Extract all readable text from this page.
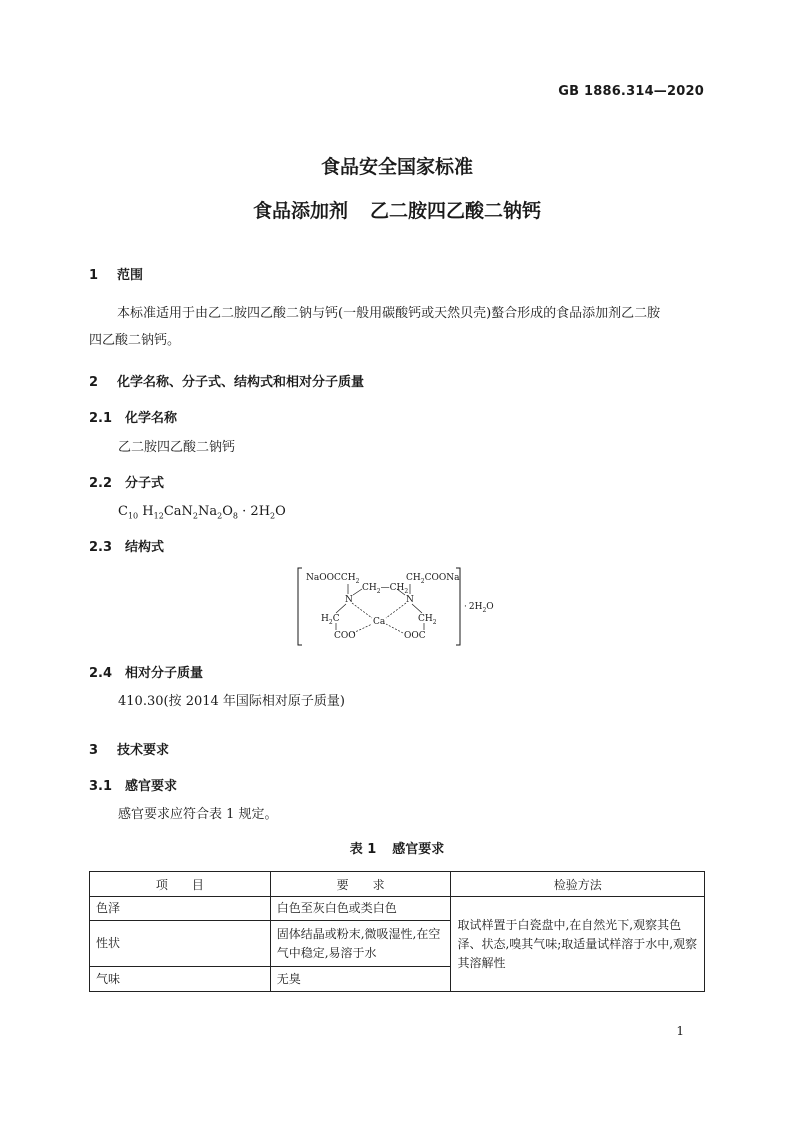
GB 1886.314—2020
食品安全国家标准
食品添加剂 乙二胺四乙酸二钠钙
1 范围
本标准适用于由乙二胺四乙酸二钠与钙(一般用碳酸钙或天然贝壳)螯合形成的食品添加剂乙二胺
四乙酸二钠钙。
2 化学名称、分子式、结构式和相对分子质量
2.1 化学名称
乙二胺四乙酸二钠钙
2.2 分子式
$C_{10}$ $H_{12}CaN_2Na_2O_8 \cdot 2H_2O$
2.3 结构式
NaOOCCH$_2$
$CH_2—CH_2$
$CH_2COONa$
N	N
$H_2C$	$CH_2$
Ca
COO	OOC
· $2H_2O$
2.4 相对分子质量
410.30(按 2014 年国际相对原子质量)
3 技术要求
3.1 感官要求
感官要求应符合表 1 规定。
表 1 感官要求
项　　目	要　　求	检验方法
色泽	白色至灰白色或类白色	取试样置于白瓷盘中,在自然光下,观察其色泽、状态,嗅其气味;取适量试样溶于水中,观察其溶解性
性状	固体结晶或粉末,微吸湿性,在空气中稳定,易溶于水	
气味	无臭	
1
